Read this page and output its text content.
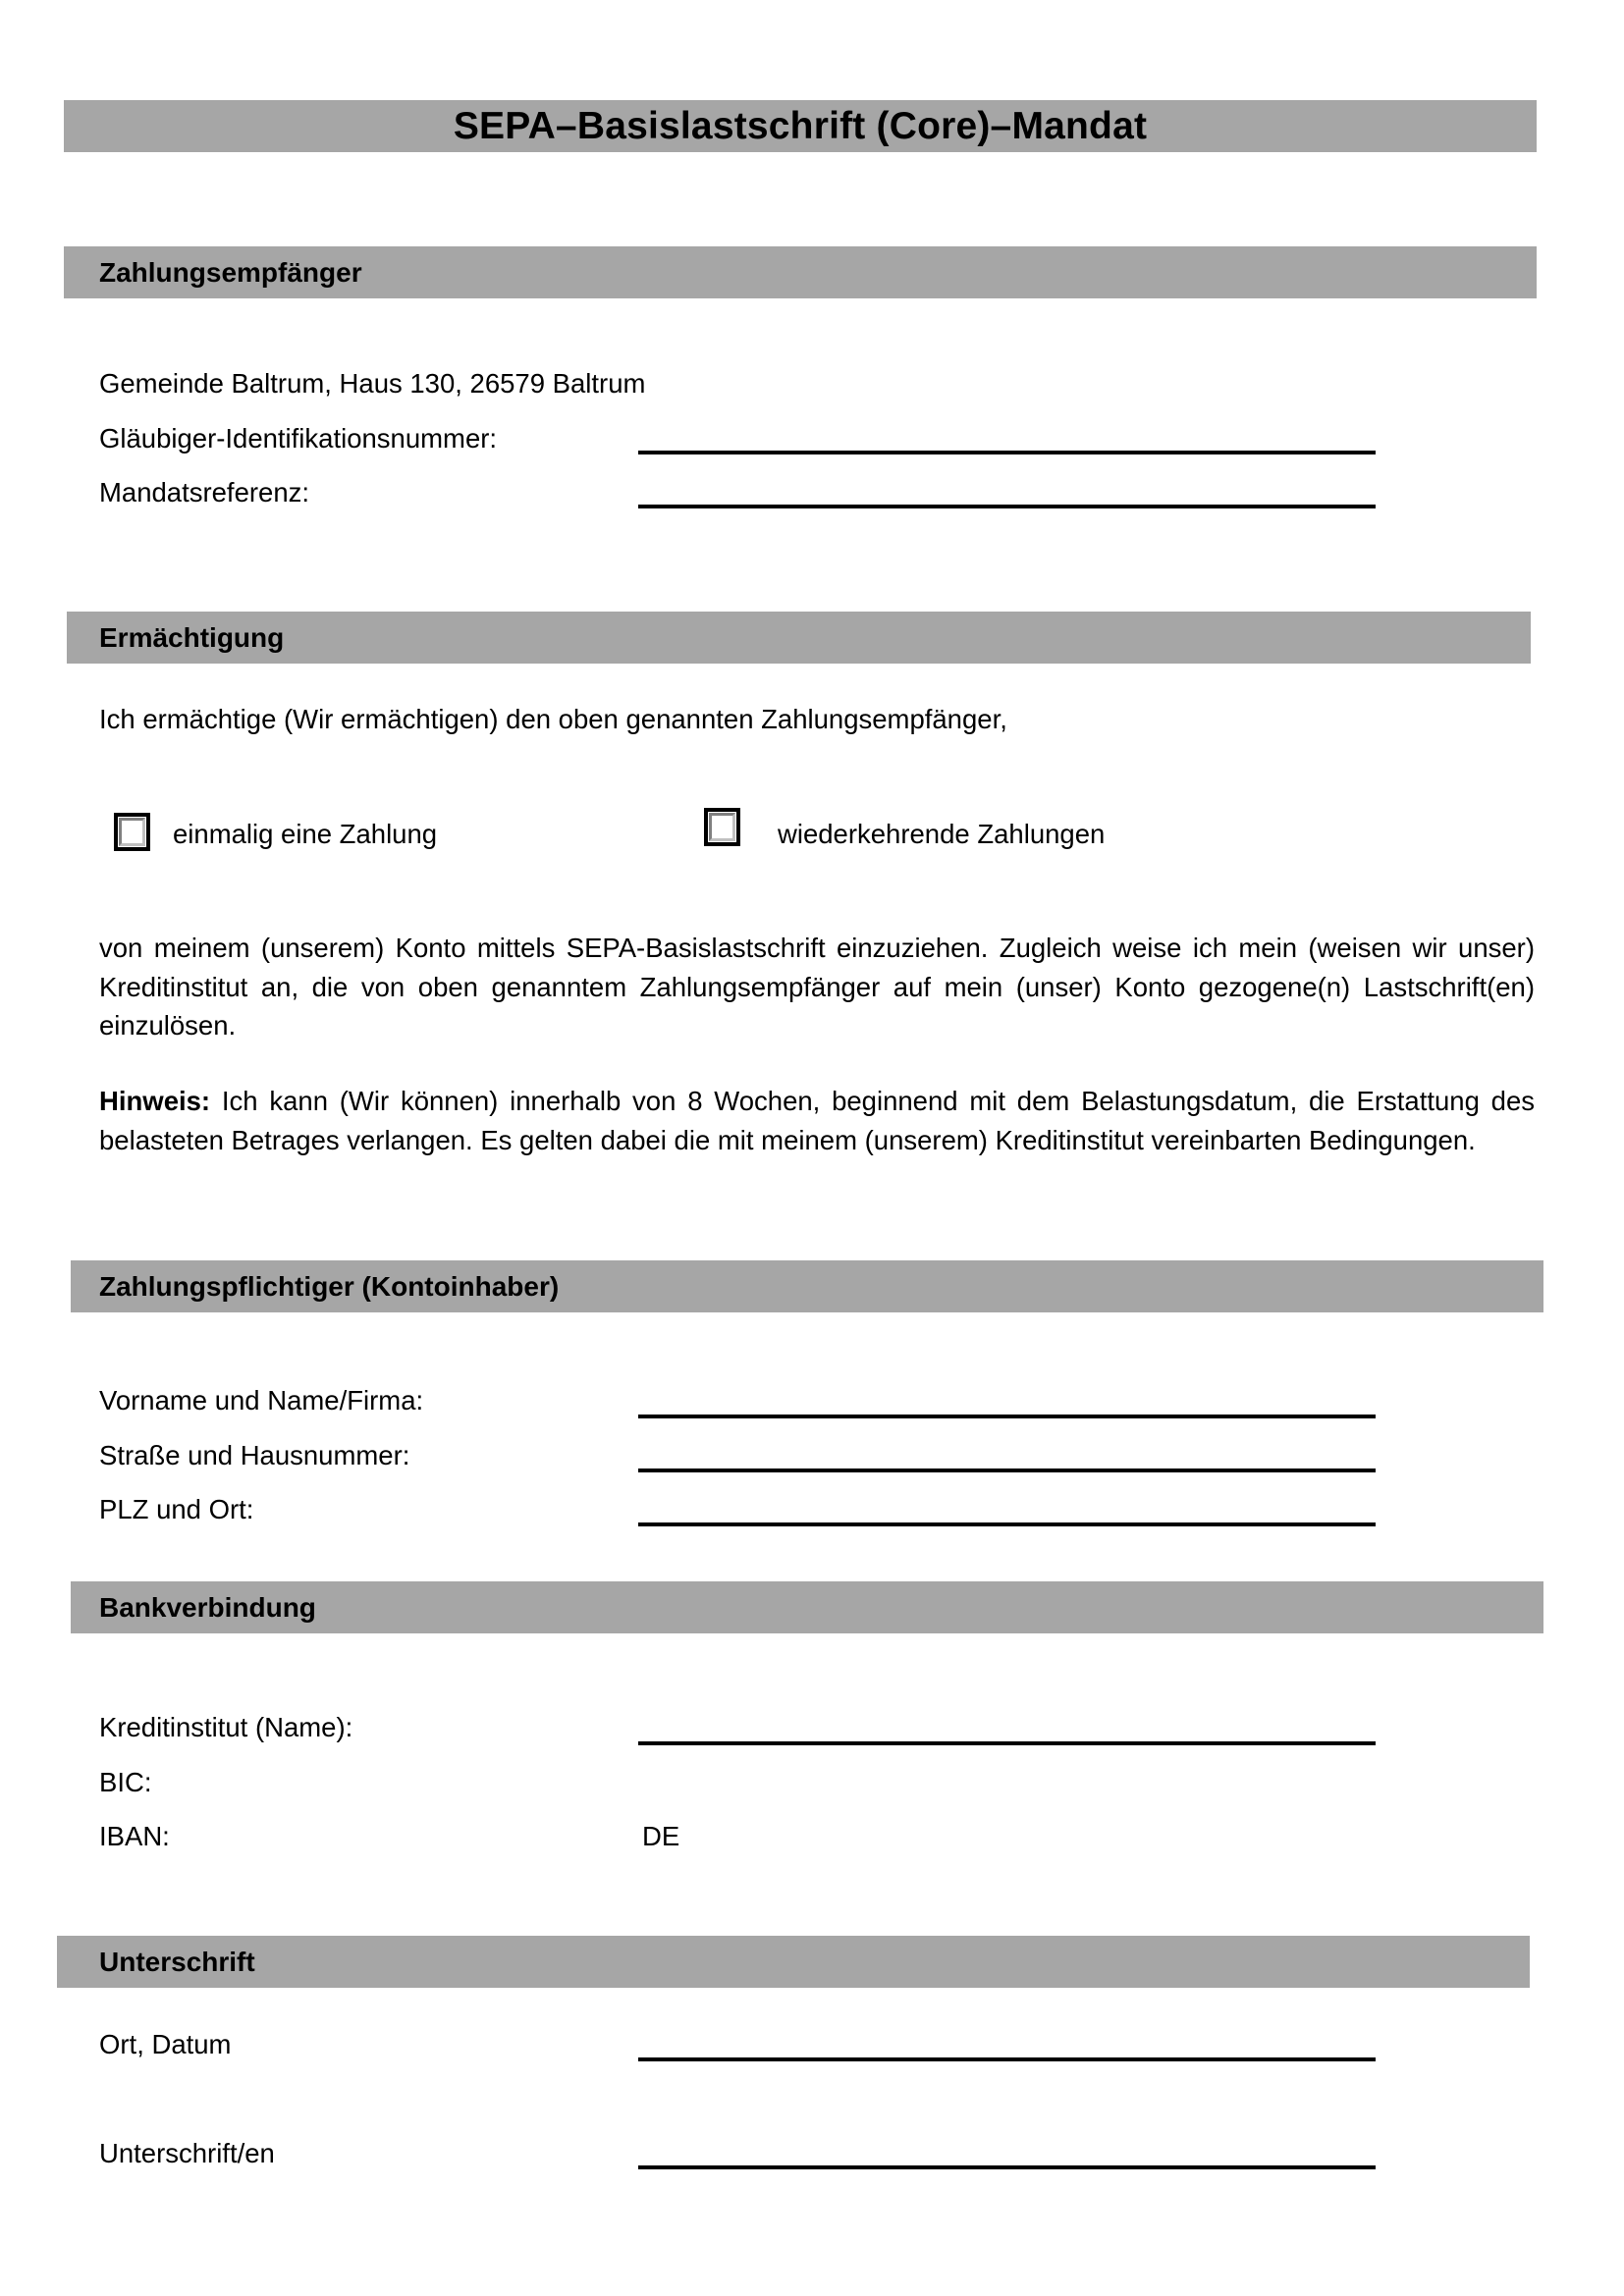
SEPA–Basislastschrift (Core)–Mandat
Zahlungsempfänger
Gemeinde Baltrum, Haus 130, 26579 Baltrum
Gläubiger-Identifikationsnummer:
Mandatsreferenz:
Ermächtigung
Ich ermächtige (Wir ermächtigen) den oben genannten Zahlungsempfänger,
einmalig eine Zahlung	wiederkehrende Zahlungen
von meinem (unserem) Konto mittels SEPA-Basislastschrift einzuziehen. Zugleich weise ich mein (weisen wir unser) Kreditinstitut an, die von oben genanntem Zahlungsempfänger auf mein (unser) Konto gezogene(n) Lastschrift(en) einzulösen.
Hinweis: Ich kann (Wir können) innerhalb von 8 Wochen, beginnend mit dem Belastungsdatum, die Erstattung des belasteten Betrages verlangen. Es gelten dabei die mit meinem (unserem) Kreditinstitut vereinbarten Bedingungen.
Zahlungspflichtiger (Kontoinhaber)
Vorname und Name/Firma:
Straße und Hausnummer:
PLZ und Ort:
Bankverbindung
Kreditinstitut (Name):
BIC:
IBAN:	DE
Unterschrift
Ort, Datum
Unterschrift/en
